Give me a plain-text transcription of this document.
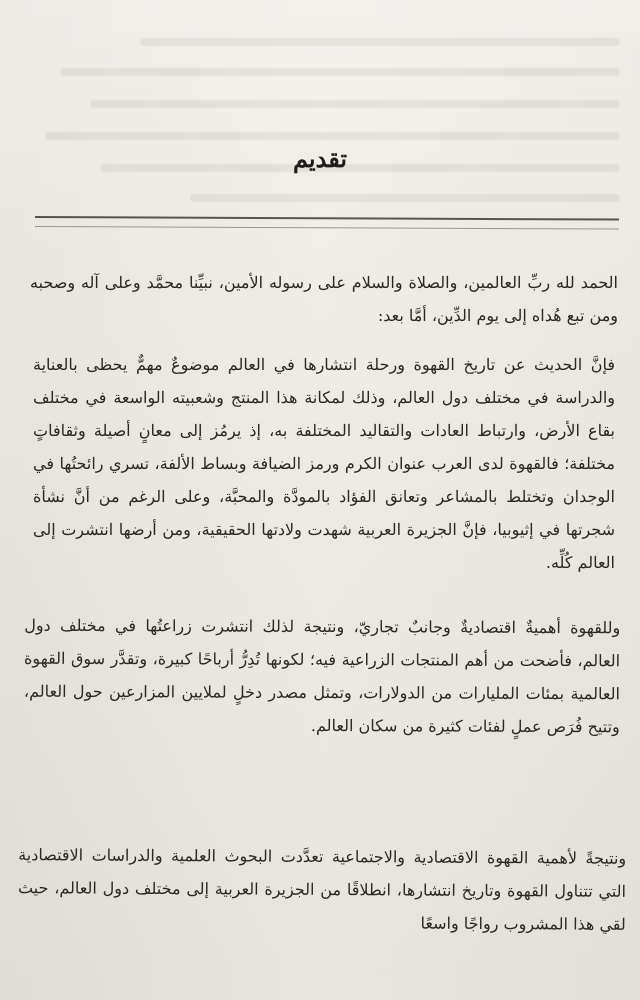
تقديم

الحمد لله ربِّ العالمين، والصلاة والسلام على رسوله الأمين، نبيِّنا محمَّد وعلى آله وصحبه ومن تبع هُداه إلى يوم الدِّين، أمَّا بعد:

فإنَّ الحديث عن تاريخ القهوة ورحلة انتشارها في العالم موضوعٌ مهمٌّ يحظى بالعناية والدراسة في مختلف دول العالم، وذلك لمكانة هذا المنتج وشعبيته الواسعة في مختلف بقاع الأرض، وارتباط العادات والتقاليد المختلفة به، إذ يرمُز إلى معانٍ أصيلة وثقافاتٍ مختلفة؛ فالقهوة لدى العرب عنوان الكرم ورمز الضيافة وبساط الألفة، تسري رائحتُها في الوجدان وتختلط بالمشاعر وتعانق الفؤاد بالمودَّة والمحبَّة، وعلى الرغم من أنَّ نشأة شجرتها في إثيوبيا، فإنَّ الجزيرة العربية شهدت ولادتها الحقيقية، ومن أرضها انتشرت إلى العالم كُلِّه.

وللقهوة أهميةٌ اقتصاديةٌ وجانبٌ تجاريّ، ونتيجة لذلك انتشرت زراعتُها في مختلف دول العالم، فأضحت من أهم المنتجات الزراعية فيه؛ لكونها تُدِرُّ أرباحًا كبيرة، وتقدَّر سوق القهوة العالمية بمئات المليارات من الدولارات، وتمثل مصدر دخلٍ لملايين المزارعين حول العالم، وتتيح فُرَص عملٍ لفئات كثيرة من سكان العالم.

ونتيجةً لأهمية القهوة الاقتصادية والاجتماعية تعدَّدت البحوث العلمية والدراسات الاقتصادية التي تتناول القهوة وتاريخ انتشارها، انطلاقًا من الجزيرة العربية إلى مختلف دول العالم، حيث لقي هذا المشروب رواجًا واسعًا
